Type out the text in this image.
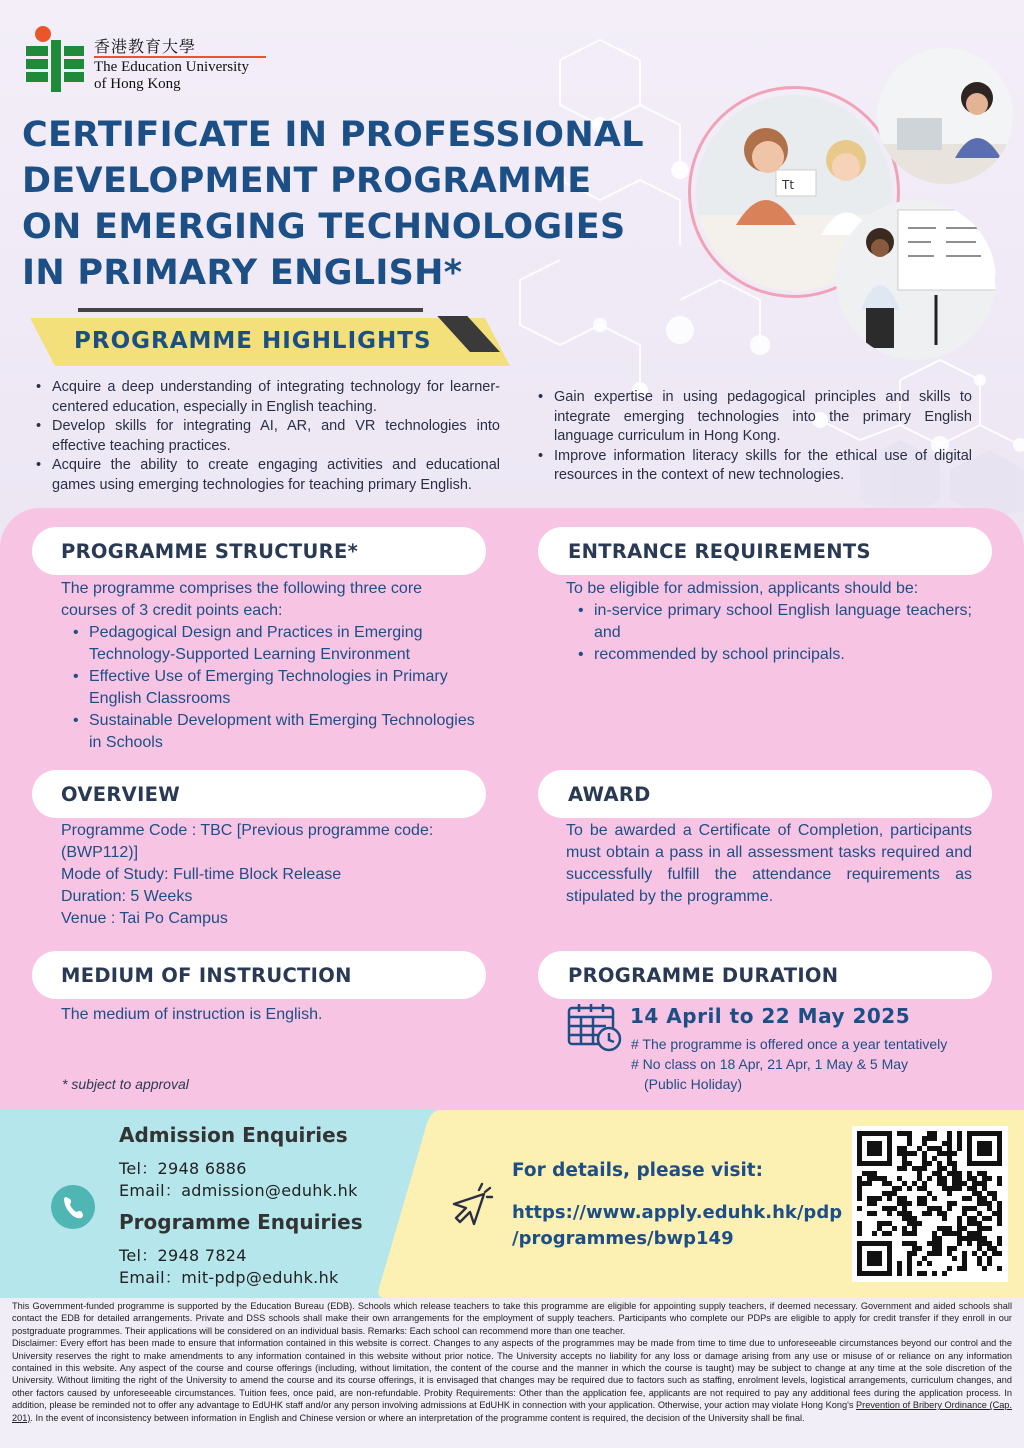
香港教育大學
The Education University
of Hong Kong
CERTIFICATE IN PROFESSIONAL
DEVELOPMENT PROGRAMME
ON EMERGING TECHNOLOGIES
IN PRIMARY ENGLISH*
Tt
PROGRAMME HIGHLIGHTS
• Acquire a deep understanding of integrating technology for learner-centered education, especially in English teaching.
• Develop skills for integrating AI, AR, and VR technologies into effective teaching practices.
• Acquire the ability to create engaging activities and educational games using emerging technologies for teaching primary English.
• Gain expertise in using pedagogical principles and skills to integrate emerging technologies into the primary English language curriculum in Hong Kong.
• Improve information literacy skills for the ethical use of digital resources in the context of new technologies.
PROGRAMME STRUCTURE*
The programme comprises the following three core courses of 3 credit points each:
• Pedagogical Design and Practices in Emerging Technology-Supported Learning Environment
• Effective Use of Emerging Technologies in Primary English Classrooms
• Sustainable Development with Emerging Technologies in Schools
ENTRANCE REQUIREMENTS
To be eligible for admission, applicants should be:
• in-service primary school English language teachers; and
• recommended by school principals.
OVERVIEW
Programme Code : TBC [Previous programme code: (BWP112)]
Mode of Study: Full-time Block Release
Duration: 5 Weeks
Venue : Tai Po Campus
AWARD
To be awarded a Certificate of Completion, participants must obtain a pass in all assessment tasks required and successfully fulfill the attendance requirements as stipulated by the programme.
MEDIUM OF INSTRUCTION
The medium of instruction is English.
PROGRAMME DURATION
14 April to 22 May 2025
# The programme is offered once a year tentatively
# No class on 18 Apr, 21 Apr, 1 May & 5 May
(Public Holiday)
* subject to approval
Admission Enquiries
Tel：2948 6886
Email：admission@eduhk.hk
Programme Enquiries
Tel：2948 7824
Email：mit-pdp@eduhk.hk
For details, please visit:
https://www.apply.eduhk.hk/pdp
/programmes/bwp149
This Government-funded programme is supported by the Education Bureau (EDB). Schools which release teachers to take this programme are eligible for appointing supply teachers, if deemed necessary. Government and aided schools shall contact the EDB for detailed arrangements. Private and DSS schools shall make their own arrangements for the employment of supply teachers. Participants who complete our PDPs are eligible to apply for credit transfer if they enroll in our postgraduate programmes. Their applications will be considered on an individual basis. Remarks: Each school can recommend more than one teacher.
Disclaimer: Every effort has been made to ensure that information contained in this website is correct. Changes to any aspects of the programmes may be made from time to time due to unforeseeable circumstances beyond our control and the University reserves the right to make amendments to any information contained in this website without prior notice. The University accepts no liability for any loss or damage arising from any use or misuse of or reliance on any information contained in this website. Any aspect of the course and course offerings (including, without limitation, the content of the course and the manner in which the course is taught) may be subject to change at any time at the sole discretion of the University. Without limiting the right of the University to amend the course and its course offerings, it is envisaged that changes may be required due to factors such as staffing, enrolment levels, logistical arrangements, curriculum changes, and other factors caused by unforeseeable circumstances. Tuition fees, once paid, are non-refundable. Probity Requirements: Other than the application fee, applicants are not required to pay any additional fees during the application process. In addition, please be reminded not to offer any advantage to EdUHK staff and/or any person involving admissions at EdUHK in connection with your application. Otherwise, your action may violate Hong Kong's Prevention of Bribery Ordinance (Cap. 201). In the event of inconsistency between information in English and Chinese version or where an interpretation of the programme content is required, the decision of the University shall be final.
